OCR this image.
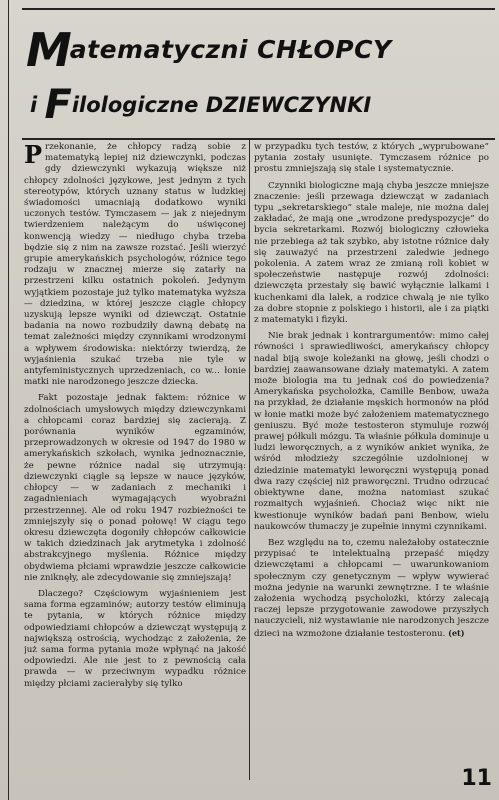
Matematyczni CHŁOPCY
i Filologiczne DZIEWCZYNKI

Przekonanie, że chłopcy radzą sobie z matematyką lepiej niż dziewczynki, podczas gdy dziewczynki wykazują większe niż chłopcy zdolności językowe, jest jednym z tych stereotypów, których uznany status w ludzkiej świadomości umacniają dodatkowo wyniki uczonych testów. Tymczasem — jak z niejednym twierdzeniem należącym do uświęconej konwencją wiedzy — niedługo chyba trzeba będzie się z nim na zawsze rozstać. Jeśli wierzyć grupie amerykańskich psychologów, różnice tego rodzaju w znacznej mierze się zatarły na przestrzeni kilku ostatnich pokoleń. Jedynym wyjątkiem pozostaje już tylko matematyka wyższa — dziedzina, w której jeszcze ciągle chłopcy uzyskują lepsze wyniki od dziewcząt. Ostatnie badania na nowo rozbudziły dawną debatę na temat zależności między czynnikami wrodzonymi a wpływem środowiska: niektórzy twierdzą, że wyjaśnienia szukać trzeba nie tyle w antyfeministycznych uprzedzeniach, co w... łonie matki nie narodzonego jeszcze dziecka.

Fakt pozostaje jednak faktem: różnice w zdolnościach umysłowych między dziewczynkami a chłopcami coraz bardziej się zacierają. Z porównania wyników egzaminów, przeprowadzonych w okresie od 1947 do 1980 w amerykańskich szkołach, wynika jednoznacznie, że pewne różnice nadal się utrzymują: dziewczynki ciągle są lepsze w nauce języków, chłopcy — w zadaniach z mechaniki i zagadnieniach wymagających wyobraźni przestrzennej. Ale od roku 1947 rozbieżności te zmniejszyły się o ponad połowę! W ciągu tego okresu dziewczęta dogoniły chłopców całkowicie w takich dziedzinach jak arytmetyka i zdolność abstrakcyjnego myślenia. Różnice między obydwiema płciami wprawdzie jeszcze całkowicie nie zniknęły, ale zdecydowanie się zmniejszają!

Dlaczego? Częściowym wyjaśnieniem jest sama forma egzaminów; autorzy testów eliminują te pytania, w których różnice między odpowiedziami chłopców a dziewcząt występują z największą ostrością, wychodząc z założenia, że już sama forma pytania może wpłynąć na jakość odpowiedzi. Ale nie jest to z pewnością cała prawda — w przeciwnym wypadku różnice między płciami zacierałyby się tylko

w przypadku tych testów, z których „wyprubowane” pytania zostały usunięte. Tymczasem różnice po prostu zmniejszają się stale i systematycznie.

Czynniki biologiczne mają chyba jeszcze mniejsze znaczenie: jeśli przewaga dziewcząt w zadaniach typu „sekretarskiego” stale maleje, nie można dalej zakładać, że mają one „wrodzone predyspozycje” do bycia sekretarkami. Rozwój biologiczny człowieka nie przebiega aż tak szybko, aby istotne różnice dały się zauważyć na przestrzeni zaledwie jednego pokolenia. A zatem wraz ze zmianą roli kobiet w społeczeństwie następuje rozwój zdolności: dziewczęta przestały się bawić wyłącznie lalkami i kuchenkami dla lalek, a rodzice chwalą je nie tylko za dobre stopnie z polskiego i historii, ale i za piątki z matematyki i fizyki.

Nie brak jednak i kontrargumentów: mimo całej równości i sprawiedliwości, amerykańscy chłopcy nadal biją swoje koleżanki na głowę, jeśli chodzi o bardziej zaawansowane działy matematyki. A zatem może biologia ma tu jednak coś do powiedzenia? Amerykańska psycholożka, Camille Benbow, uważa na przykład, że działanie męskich hormonów na płód w łonie matki może być założeniem matematycznego geniuszu. Być może testosteron stymuluje rozwój prawej półkuli mózgu. Ta właśnie półkula dominuje u ludzi leworęcznych, a z wyników ankiet wynika, że wśród młodzieży szczególnie uzdolnionej w dziedzinie matematyki leworęczni występują ponad dwa razy częściej niż praworęczni. Trudno odrzucać obiektywne dane, można natomiast szukać rozmaitych wyjaśnień. Chociaż więc nikt nie kwestionuje wyników badań pani Benbow, wielu naukowców tłumaczy je zupełnie innymi czynnikami.

Bez względu na to, czemu należałoby ostatecznie przypisać te intelektualną przepaść między dziewczętami a chłopcami — uwarunkowaniom społecznym czy genetycznym — wpływ wywierać można jedynie na warunki zewnętrzne. I te właśnie założenia wychodzą psycholożki, którzy zalecają raczej lepsze przygotowanie zawodowe przyszłych nauczycieli, niż wystawianie nie narodzonych jeszcze dzieci na wzmożone działanie testosteronu. (et)

11
